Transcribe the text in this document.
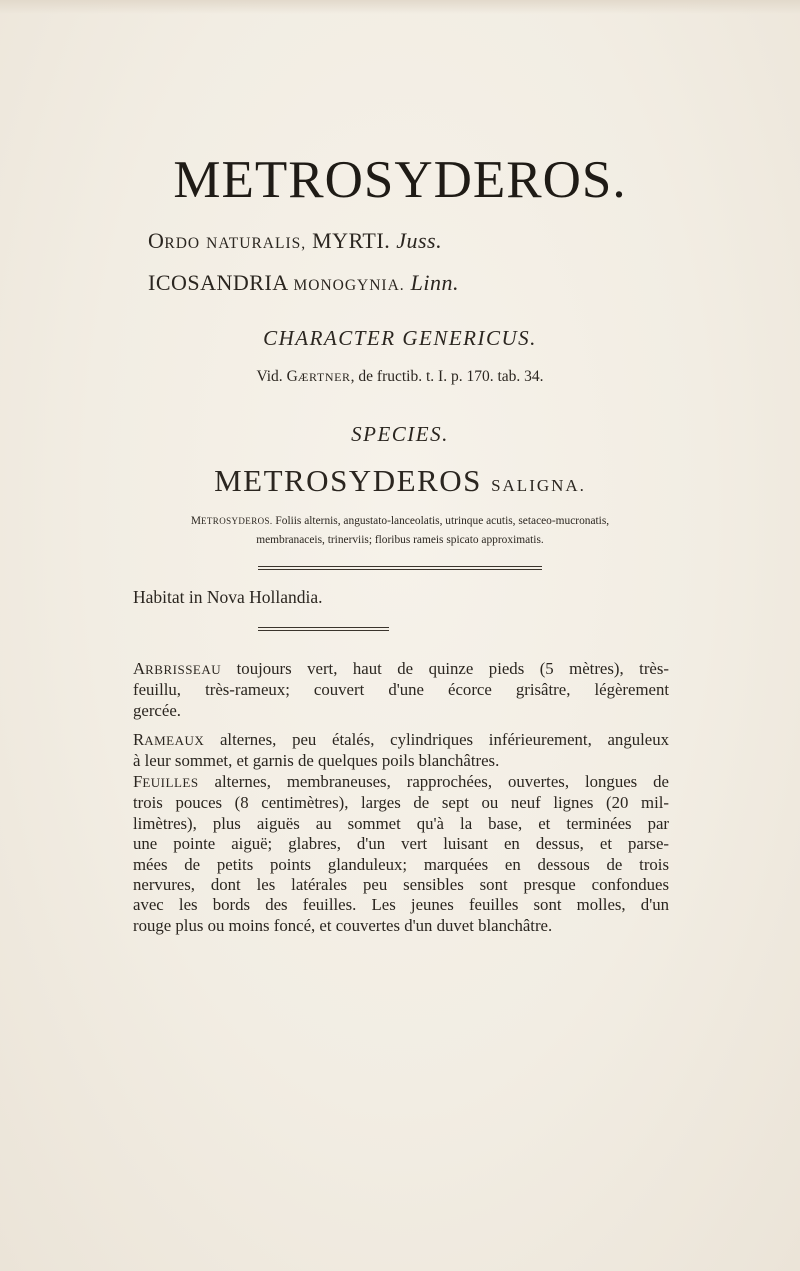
METROSYDEROS.
ORDO NATURALIS, MYRTI. Juss.
ICOSANDRIA MONOGYNIA. Linn.
CHARACTER GENERICUS.
Vid. GÆRTNER, de fructib. t. I. p. 170. tab. 34.
SPECIES.
METROSYDEROS SALIGNA.
METROSYDEROS. Foliis alternis, angustato-lanceolatis, utrinque acutis, setaceo-mucronatis,
membranaceis, trinerviis; floribus rameis spicato approximatis.
Habitat in Nova Hollandia.
ARBRISSEAU toujours vert, haut de quinze pieds (5 mètres), très-
feuillu, très-rameux; couvert d'une écorce grisâtre, légèrement
gercée.
RAMEAUX alternes, peu étalés, cylindriques inférieurement, anguleux
à leur sommet, et garnis de quelques poils blanchâtres.
FEUILLES alternes, membraneuses, rapprochées, ouvertes, longues de
trois pouces (8 centimètres), larges de sept ou neuf lignes (20 mil-
limètres), plus aiguës au sommet qu'à la base, et terminées par
une pointe aiguë; glabres, d'un vert luisant en dessus, et parse-
mées de petits points glanduleux; marquées en dessous de trois
nervures, dont les latérales peu sensibles sont presque confondues
avec les bords des feuilles. Les jeunes feuilles sont molles, d'un
rouge plus ou moins foncé, et couvertes d'un duvet blanchâtre.
